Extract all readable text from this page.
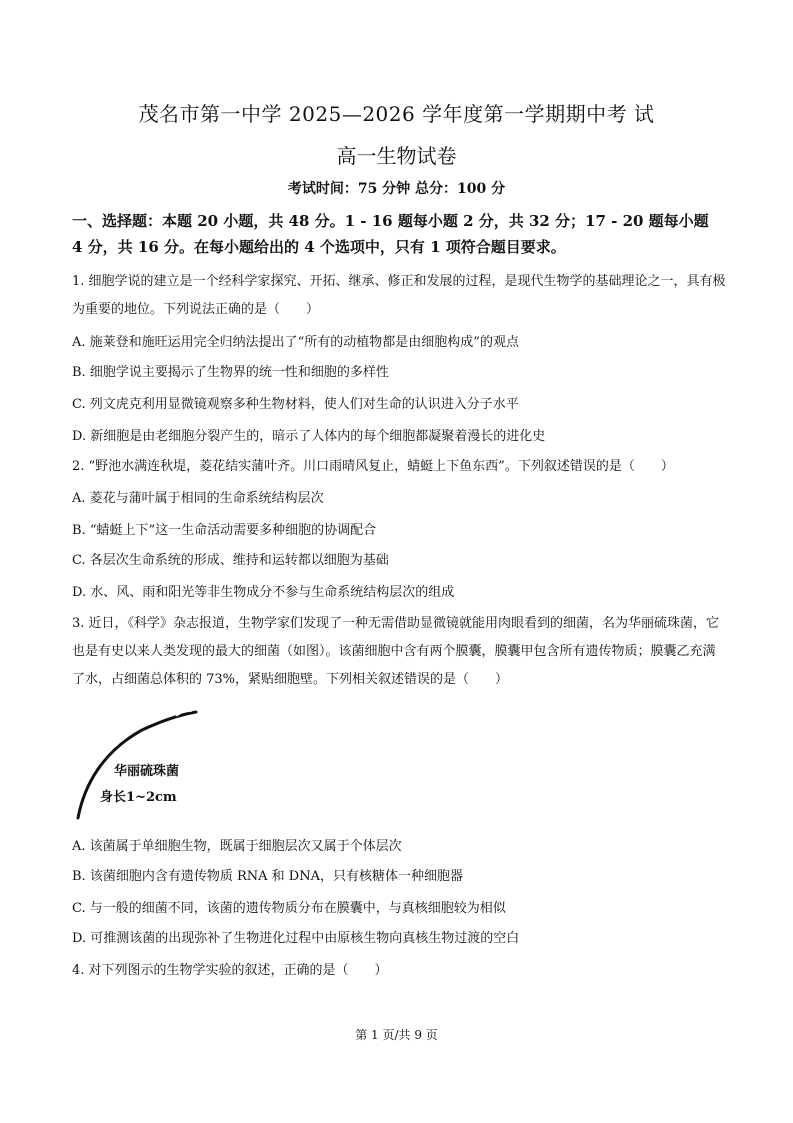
茂名市第一中学 2025—2026 学年度第一学期期中考 试
高一生物试卷
考试时间：75 分钟 总分：100 分
一、选择题：本题 20 小题，共 48 分。1 - 16 题每小题 2 分，共 32 分；17 - 20 题每小题 4 分，共 16 分。在每小题给出的 4 个选项中，只有 1 项符合题目要求。
1. 细胞学说的建立是一个经科学家探究、开拓、继承、修正和发展的过程，是现代生物学的基础理论之一，具有极为重要的地位。下列说法正确的是（　　）
A. 施莱登和施旺运用完全归纳法提出了“所有的动植物都是由细胞构成”的观点
B. 细胞学说主要揭示了生物界的统一性和细胞的多样性
C. 列文虎克利用显微镜观察多种生物材料，使人们对生命的认识进入分子水平
D. 新细胞是由老细胞分裂产生的，暗示了人体内的每个细胞都凝聚着漫长的进化史
2. “野池水满连秋堤，菱花结实蒲叶齐。川口雨晴风复止，蜻蜓上下鱼东西”。下列叙述错误的是（　　）
A. 菱花与蒲叶属于相同的生命系统结构层次
B. “蜻蜓上下”这一生命活动需要多种细胞的协调配合
C. 各层次生命系统的形成、维持和运转都以细胞为基础
D. 水、风、雨和阳光等非生物成分不参与生命系统结构层次的组成
3. 近日，《科学》杂志报道，生物学家们发现了一种无需借助显微镜就能用肉眼看到的细菌，名为华丽硫珠菌，它也是有史以来人类发现的最大的细菌（如图）。该菌细胞中含有两个膜囊，膜囊甲包含所有遗传物质；膜囊乙充满了水，占细菌总体积的 73%，紧贴细胞壁。下列相关叙述错误的是（　　）
华丽硫珠菌
身长1~2cm
A. 该菌属于单细胞生物，既属于细胞层次又属于个体层次
B. 该菌细胞内含有遗传物质 RNA 和 DNA，只有核糖体一种细胞器
C. 与一般的细菌不同，该菌的遗传物质分布在膜囊中，与真核细胞较为相似
D. 可推测该菌的出现弥补了生物进化过程中由原核生物向真核生物过渡的空白
4. 对下列图示的生物学实验的叙述，正确的是（　　）
第 1 页/共 9 页
